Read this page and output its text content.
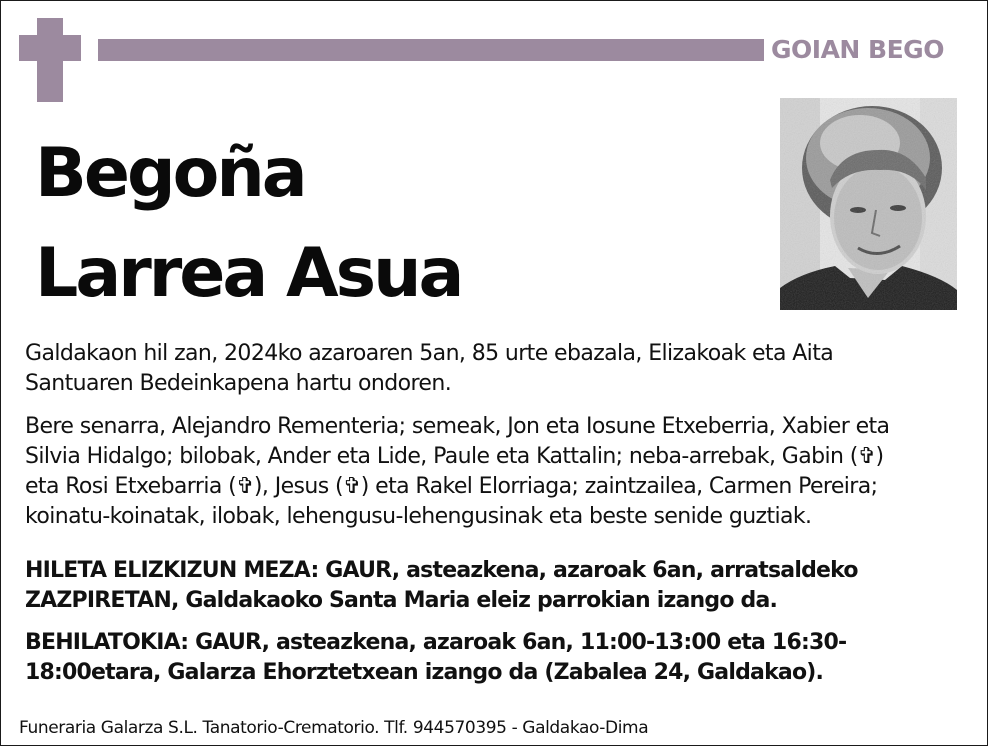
GOIAN BEGO
Begoña
Larrea Asua
Galdakaon hil zan, 2024ko azaroaren 5an, 85 urte ebazala, Elizakoak eta Aita
Santuaren Bedeinkapena hartu ondoren.
Bere senarra, Alejandro Rementeria; semeak, Jon eta Iosune Etxeberria, Xabier eta
Silvia Hidalgo; bilobak, Ander eta Lide, Paule eta Kattalin; neba-arrebak, Gabin (✞)
eta Rosi Etxebarria (✞), Jesus (✞) eta Rakel Elorriaga; zaintzailea, Carmen Pereira;
koinatu-koinatak, ilobak, lehengusu-lehengusinak eta beste senide guztiak.
HILETA ELIZKIZUN MEZA: GAUR, asteazkena, azaroak 6an, arratsaldeko
ZAZPIRETAN, Galdakaoko Santa Maria eleiz parrokian izango da.
BEHILATOKIA: GAUR, asteazkena, azaroak 6an, 11:00-13:00 eta 16:30-
18:00etara, Galarza Ehorztetxean izango da (Zabalea 24, Galdakao).
Funeraria Galarza S.L. Tanatorio-Crematorio. Tlf. 944570395 - Galdakao-Dima
